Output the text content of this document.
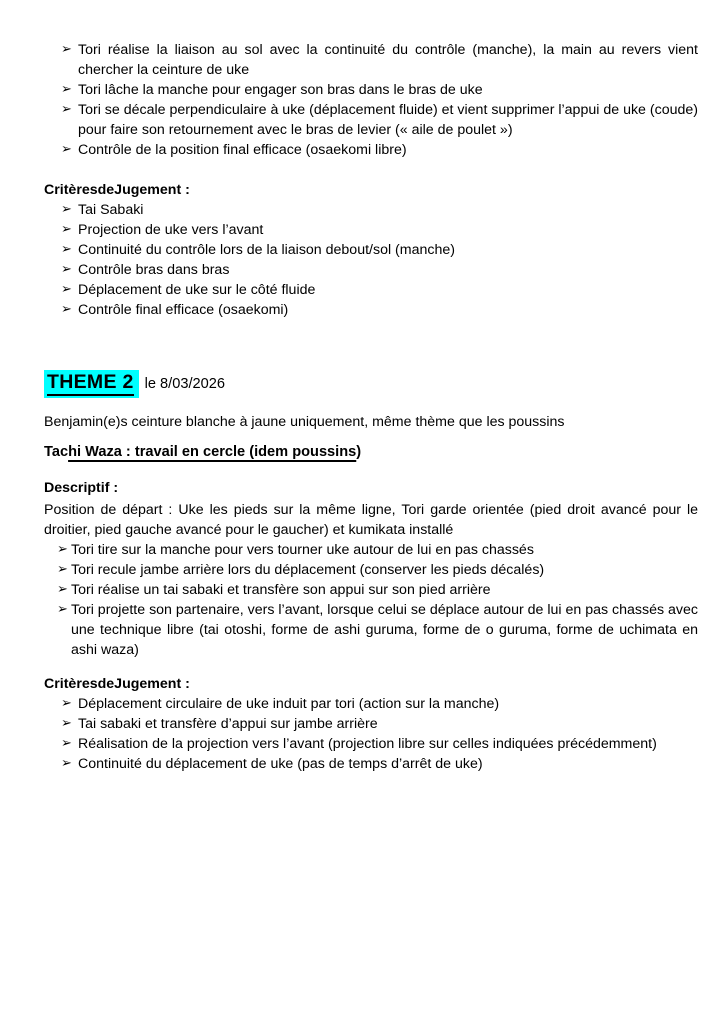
➢ Tori réalise la liaison au sol avec la continuité du contrôle (manche), la main au revers vient chercher la ceinture de uke
➢ Tori lâche la manche pour engager son bras dans le bras de uke
➢ Tori se décale perpendiculaire à uke (déplacement fluide) et vient supprimer l’appui de uke (coude) pour faire son retournement avec le bras de levier (« aile de poulet »)
➢ Contrôle de la position final efficace (osaekomi libre)

CritèresdeJugement :

➢ Tai Sabaki
➢ Projection de uke vers l’avant
➢ Continuité du contrôle lors de la liaison debout/sol (manche)
➢ Contrôle bras dans bras
➢ Déplacement de uke sur le côté fluide
➢ Contrôle final efficace (osaekomi)

THEME 2 le 8/03/2026

Benjamin(e)s ceinture blanche à jaune uniquement, même thème que les poussins

Tachi Waza : travail en cercle (idem poussins)

Descriptif :

Position de départ : Uke les pieds sur la même ligne, Tori garde orientée (pied droit avancé pour le droitier, pied gauche avancé pour le gaucher) et kumikata installé

➢ Tori tire sur la manche pour vers tourner uke autour de lui en pas chassés
➢ Tori recule jambe arrière lors du déplacement (conserver les pieds décalés)
➢ Tori réalise un tai sabaki et transfère son appui sur son pied arrière
➢ Tori projette son partenaire, vers l’avant, lorsque celui se déplace autour de lui en pas chassés avec une technique libre (tai otoshi, forme de ashi guruma, forme de o guruma, forme de uchimata en ashi waza)

CritèresdeJugement :

➢ Déplacement circulaire de uke induit par tori (action sur la manche)
➢ Tai sabaki et transfère d’appui sur jambe arrière
➢ Réalisation de la projection vers l’avant (projection libre sur celles indiquées précédemment)
➢ Continuité du déplacement de uke (pas de temps d’arrêt de uke)
